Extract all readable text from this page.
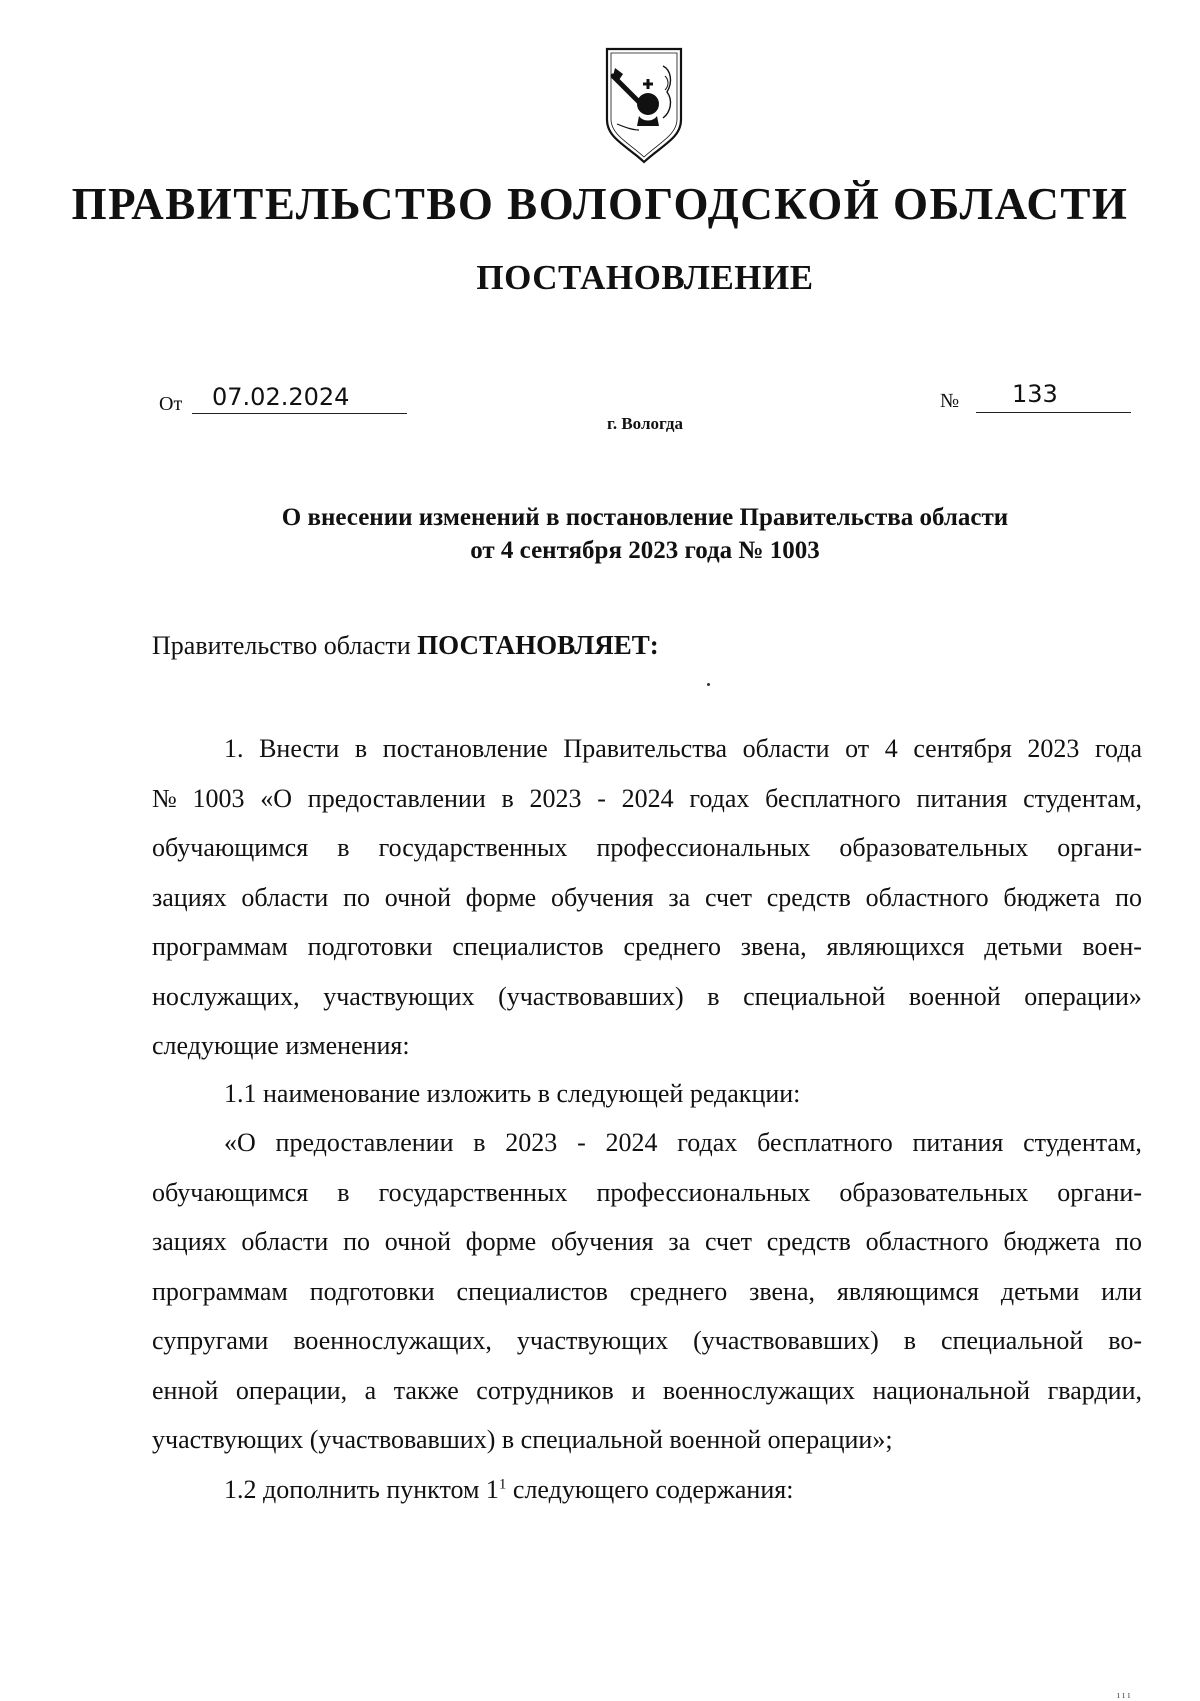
ПРАВИТЕЛЬСТВО ВОЛОГОДСКОЙ ОБЛАСТИ
ПОСТАНОВЛЕНИЕ
От 07.02.2024	№ 133
г. Вологда
О внесении изменений в постановление Правительства области
от 4 сентября 2023 года № 1003
Правительство области ПОСТАНОВЛЯЕТ:
1. Внести в постановление Правительства области от 4 сентября 2023 года
№ 1003 «О предоставлении в 2023 - 2024 годах бесплатного питания студентам,
обучающимся в государственных профессиональных образовательных органи-
зациях области по очной форме обучения за счет средств областного бюджета по
программам подготовки специалистов среднего звена, являющихся детьми воен-
нослужащих, участвующих (участвовавших) в специальной военной операции»
следующие изменения:
1.1 наименование изложить в следующей редакции:
«О предоставлении в 2023 - 2024 годах бесплатного питания студентам,
обучающимся в государственных профессиональных образовательных органи-
зациях области по очной форме обучения за счет средств областного бюджета по
программам подготовки специалистов среднего звена, являющимся детьми или
супругами военнослужащих, участвующих (участвовавших) в специальной во-
енной операции, а также сотрудников и военнослужащих национальной гвардии,
участвующих (участвовавших) в специальной военной операции»;
1.2 дополнить пунктом $1^1$ следующего содержания:
ı ı ı
